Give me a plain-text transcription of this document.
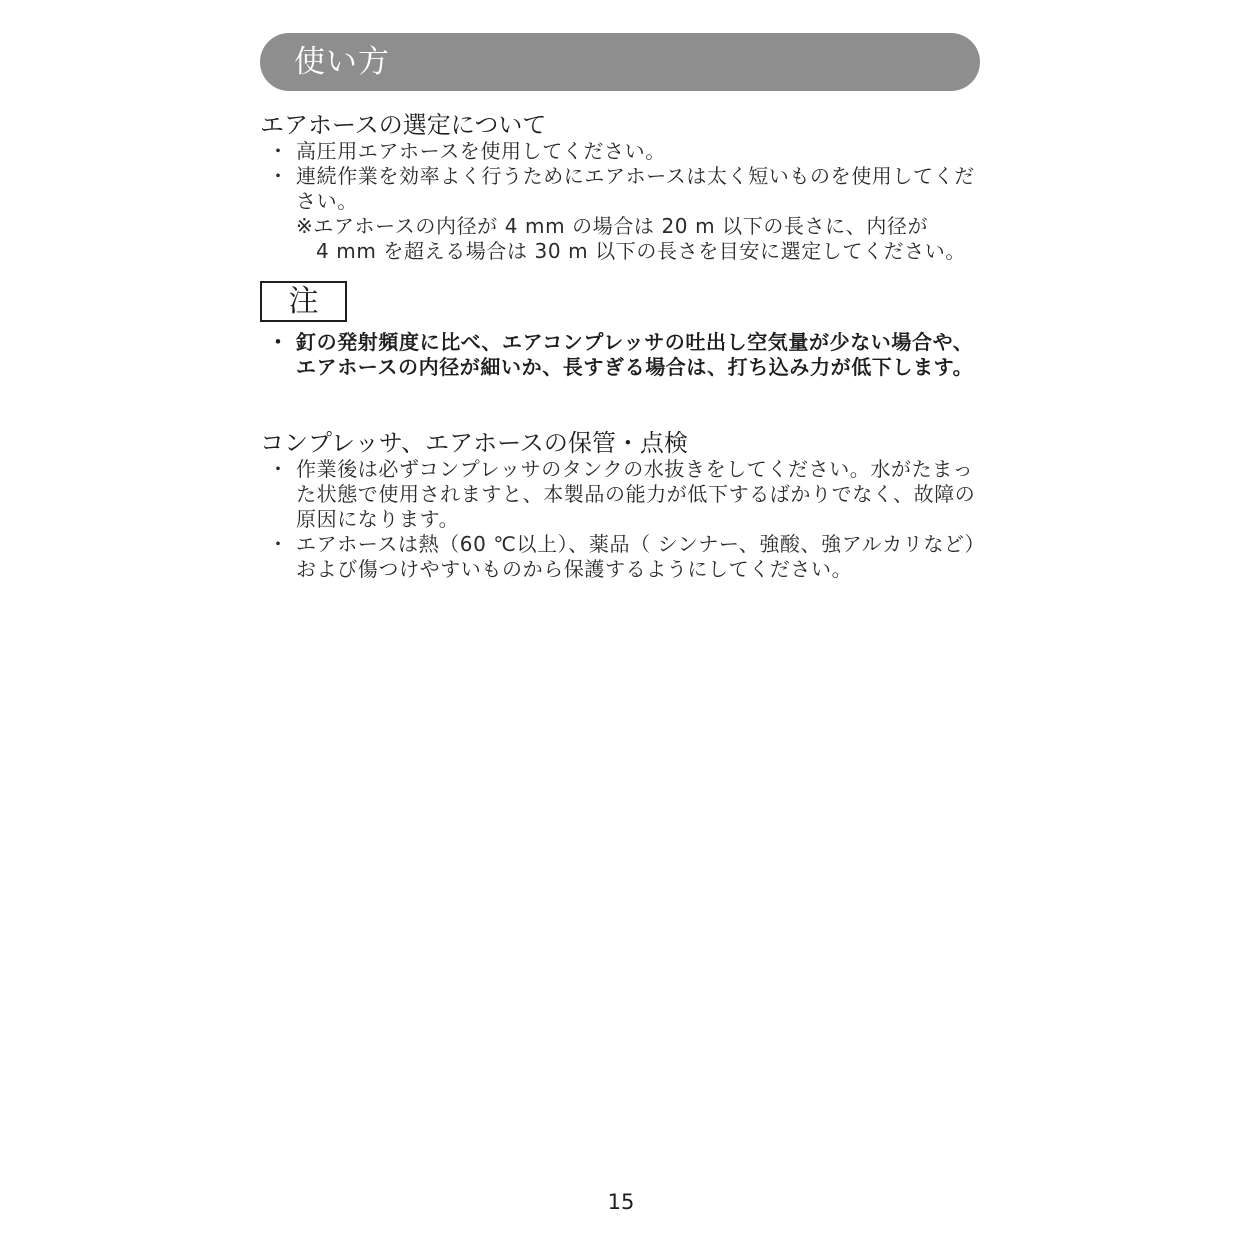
使い方
エアホースの選定について
・ 高圧用エアホースを使用してください。
・ 連続作業を効率よく行うためにエアホースは太く短いものを使用してください。
※エアホースの内径が 4 mm の場合は 20 m 以下の長さに、内径が
4 mm を超える場合は 30 m 以下の長さを目安に選定してください。
注
・ 釘の発射頻度に比べ、エアコンプレッサの吐出し空気量が少ない場合や、エアホースの内径が細いか、長すぎる場合は、打ち込み力が低下します。
コンプレッサ、エアホースの保管・点検
・ 作業後は必ずコンプレッサのタンクの水抜きをしてください。水がたまった状態で使用されますと、本製品の能力が低下するばかりでなく、故障の原因になります。
・ エアホースは熱（60 ℃以上）、薬品（ シンナー、強酸、強アルカリなど）および傷つけやすいものから保護するようにしてください。
15
